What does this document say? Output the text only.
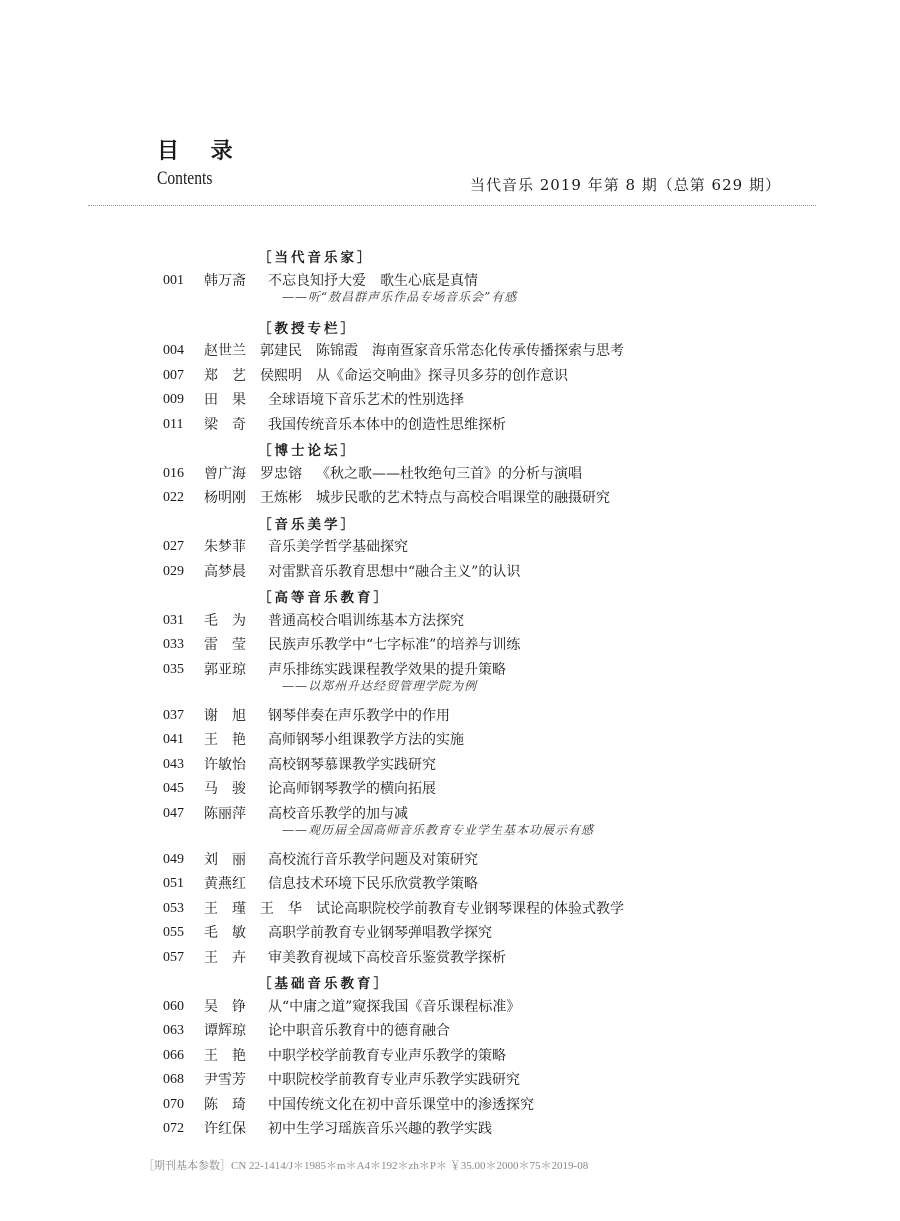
目 录
Contents	当代音乐 2019 年第 8 期（总第 629 期）
［当代音乐家］
001 韩万斋 不忘良知抒大爱　歌生心底是真情
——听“敖昌群声乐作品专场音乐会”有感
［教授专栏］
004 赵世兰　郭建民　陈锦霞 海南疍家音乐常态化传承传播探索与思考
007 郑　艺　侯熙明 从《命运交响曲》探寻贝多芬的创作意识
009 田　果 全球语境下音乐艺术的性别选择
011 梁　奇 我国传统音乐本体中的创造性思维探析
［博士论坛］
016 曾广海　罗忠镕 《秋之歌——杜牧绝句三首》的分析与演唱
022 杨明刚　王炼彬 城步民歌的艺术特点与高校合唱课堂的融摄研究
［音乐美学］
027 朱梦菲 音乐美学哲学基础探究
029 高梦晨 对雷默音乐教育思想中“融合主义”的认识
［高等音乐教育］
031 毛　为 普通高校合唱训练基本方法探究
033 雷　莹 民族声乐教学中“七字标准”的培养与训练
035 郭亚琼 声乐排练实践课程教学效果的提升策略
——以郑州升达经贸管理学院为例
037 谢　旭 钢琴伴奏在声乐教学中的作用
041 王　艳 高师钢琴小组课教学方法的实施
043 许敏怡 高校钢琴慕课教学实践研究
045 马　骏 论高师钢琴教学的横向拓展
047 陈丽萍 高校音乐教学的加与减
——观历届全国高师音乐教育专业学生基本功展示有感
049 刘　丽 高校流行音乐教学问题及对策研究
051 黄燕红 信息技术环境下民乐欣赏教学策略
053 王　瑾　王　华 试论高职院校学前教育专业钢琴课程的体验式教学
055 毛　敏 高职学前教育专业钢琴弹唱教学探究
057 王　卉 审美教育视域下高校音乐鉴赏教学探析
［基础音乐教育］
060 吴　铮 从“中庸之道”窥探我国《音乐课程标准》
063 谭辉琼 论中职音乐教育中的德育融合
066 王　艳 中职学校学前教育专业声乐教学的策略
068 尹雪芳 中职院校学前教育专业声乐教学实践研究
070 陈　琦 中国传统文化在初中音乐课堂中的渗透探究
072 许红保 初中生学习瑶族音乐兴趣的教学实践
［期刊基本参数］CN 22-1414/J＊1985＊m＊A4＊192＊zh＊P＊ ￥35.00＊2000＊75＊2019-08
